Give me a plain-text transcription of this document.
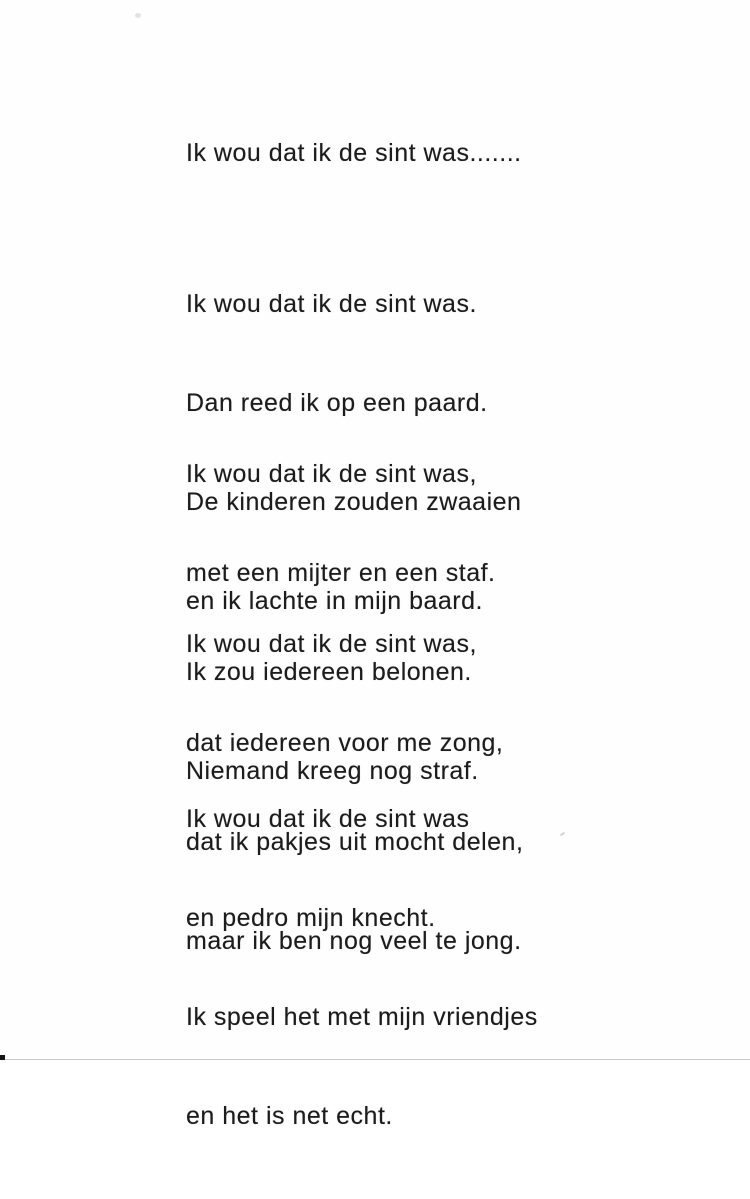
Ik wou dat ik de sint was.......

Ik wou dat ik de sint was.

Dan reed ik op een paard.

De kinderen zouden zwaaien

en ik lachte in mijn baard.

Ik wou dat ik de sint was,

met een mijter en een staf.

Ik zou iedereen belonen.

Niemand kreeg nog straf.

Ik wou dat ik de sint was,

dat iedereen voor me zong,

dat ik pakjes uit mocht delen,

maar ik ben nog veel te jong.

Ik wou dat ik de sint was

en pedro mijn knecht.

Ik speel het met mijn vriendjes

en het is net echt.
